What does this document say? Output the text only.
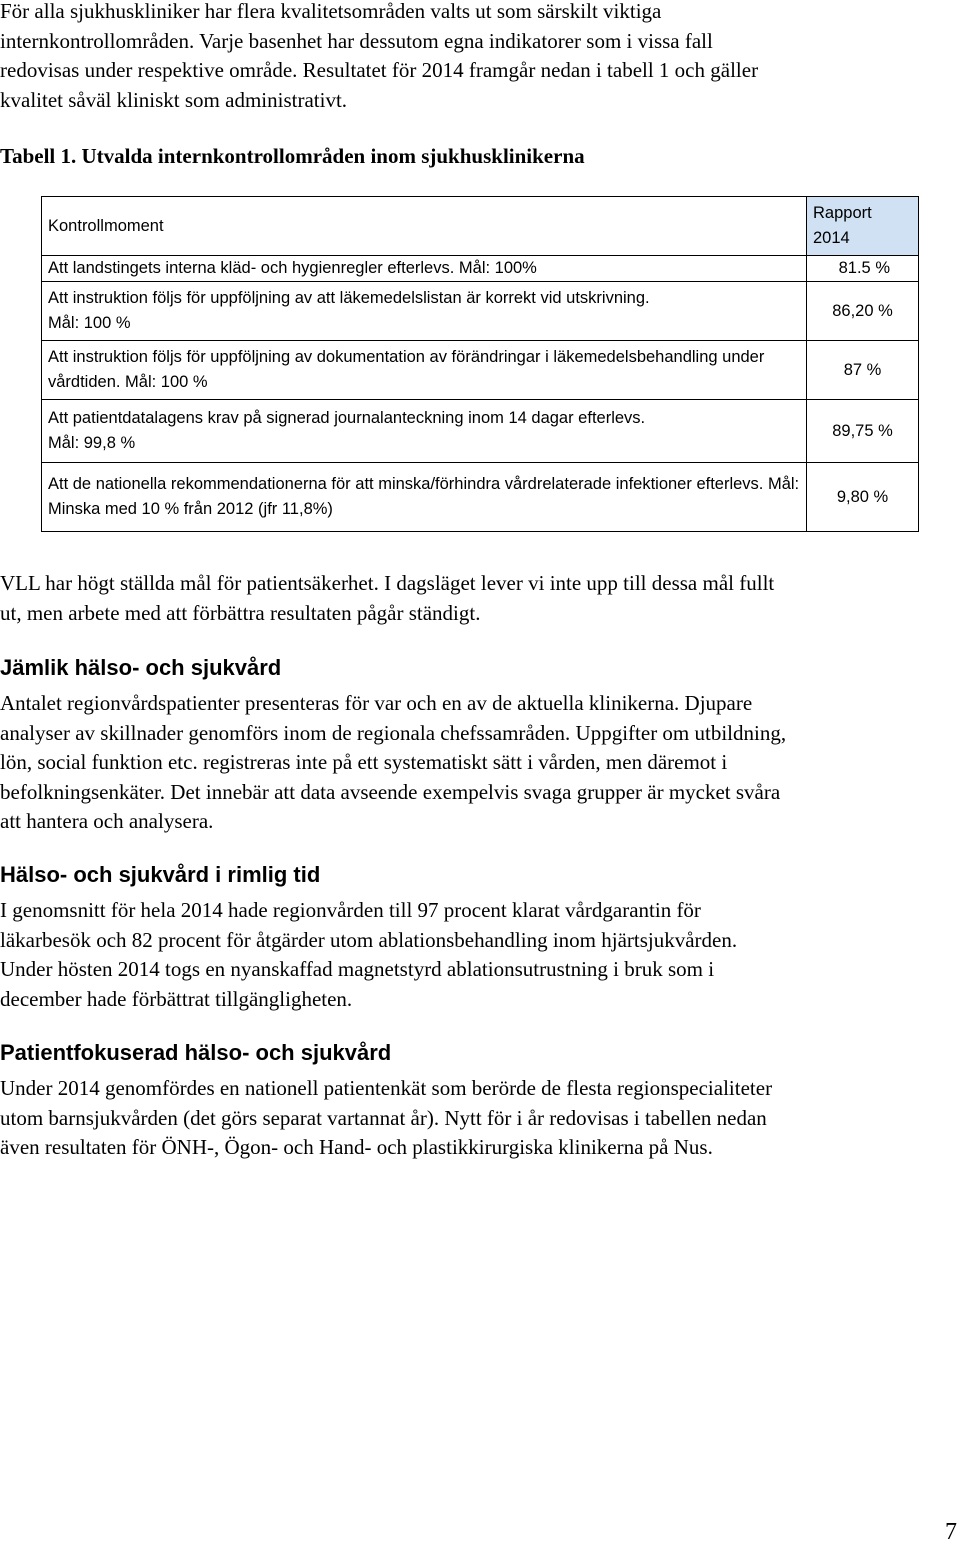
För alla sjukhuskliniker har flera kvalitetsområden valts ut som särskilt viktiga

internkontrollområden. Varje basenhet har dessutom egna indikatorer som i vissa fall

redovisas under respektive område. Resultatet för 2014 framgår nedan i tabell 1 och gäller

kvalitet såväl kliniskt som administrativt.

Tabell 1. Utvalda internkontrollområden inom sjukhusklinikerna

Kontrollmoment	Rapport
2014

Att landstingets interna kläd- och hygienregler efterlevs. Mål: 100%	81.5 %

Att instruktion följs för uppföljning av att läkemedelslistan är korrekt vid utskrivning.
Mål: 100 %	86,20 %
Att instruktion följs för uppföljning av dokumentation av förändringar i läkemedelsbehandling under vårdtiden. Mål: 100 %	87 %

Att patientdatalagens krav på signerad journalanteckning inom 14 dagar efterlevs.
Mål: 99,8 %	89,75 %
Att de nationella rekommendationerna för att minska/förhindra vårdrelaterade infektioner efterlevs. Mål: Minska med 10 % från 2012 (jfr 11,8%)	9,80 %

VLL har högt ställda mål för patientsäkerhet. I dagsläget lever vi inte upp till dessa mål fullt

ut, men arbete med att förbättra resultaten pågår ständigt.

Jämlik hälso- och sjukvård

Antalet regionvårdspatienter presenteras för var och en av de aktuella klinikerna. Djupare

analyser av skillnader genomförs inom de regionala chefssamråden. Uppgifter om utbildning,

lön, social funktion etc. registreras inte på ett systematiskt sätt i vården, men däremot i

befolkningsenkäter. Det innebär att data avseende exempelvis svaga grupper är mycket svåra

att hantera och analysera.

Hälso- och sjukvård i rimlig tid

I genomsnitt för hela 2014 hade regionvården till 97 procent klarat vårdgarantin för

läkarbesök och 82 procent för åtgärder utom ablationsbehandling inom hjärtsjukvården.

Under hösten 2014 togs en nyanskaffad magnetstyrd ablationsutrustning i bruk som i

december hade förbättrat tillgängligheten.

Patientfokuserad hälso- och sjukvård

Under 2014 genomfördes en nationell patientenkät som berörde de flesta regionspecialiteter

utom barnsjukvården (det görs separat vartannat år). Nytt för i år redovisas i tabellen nedan

även resultaten för ÖNH-, Ögon- och Hand- och plastikkirurgiska klinikerna på Nus.

7
